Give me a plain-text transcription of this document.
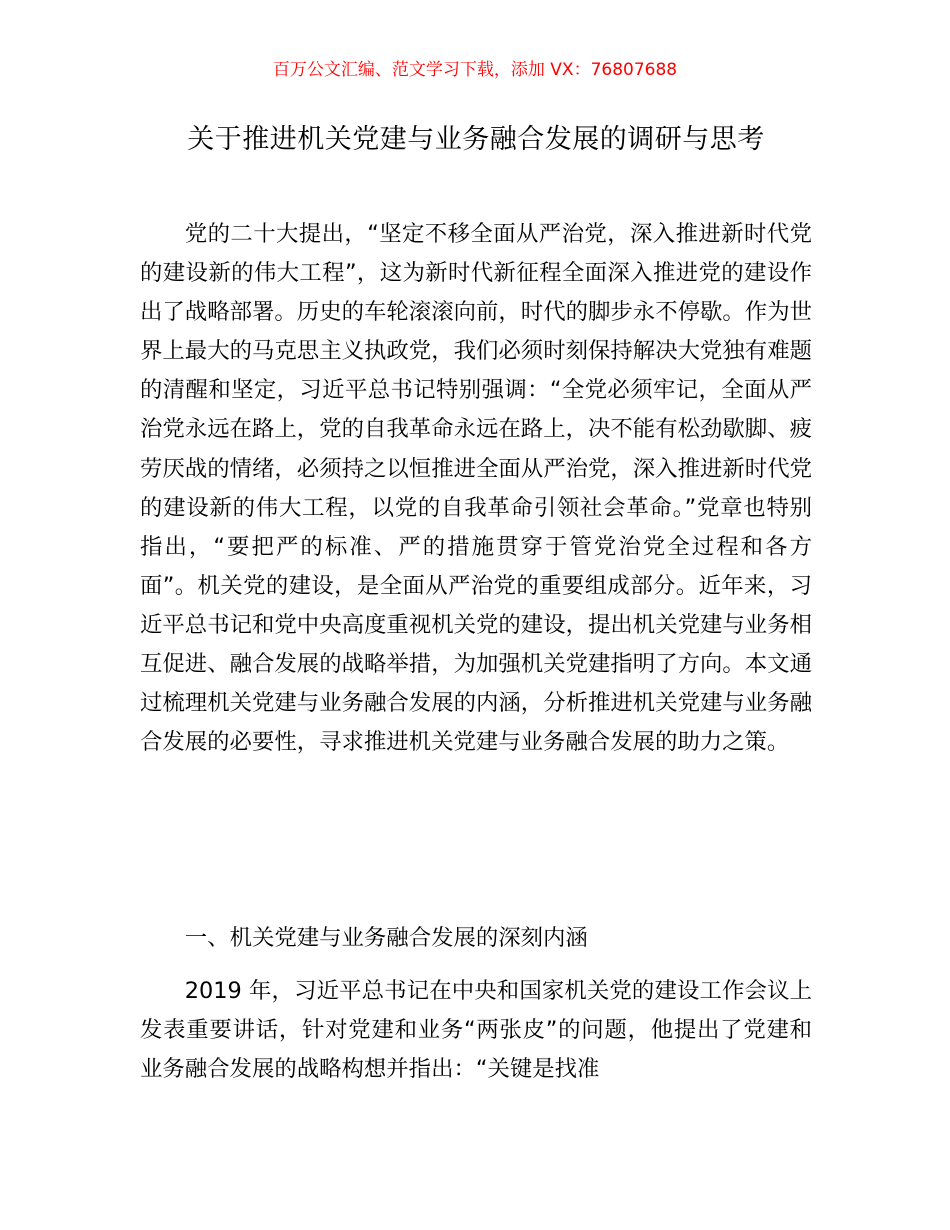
百万公文汇编、范文学习下载，添加 VX：76807688
关于推进机关党建与业务融合发展的调研与思考
党的二十大提出，“坚定不移全面从严治党，深入推进新时代党的建设新的伟大工程”，这为新时代新征程全面深入推进党的建设作出了战略部署。历史的车轮滚滚向前，时代的脚步永不停歇。作为世界上最大的马克思主义执政党，我们必须时刻保持解决大党独有难题的清醒和坚定，习近平总书记特别强调：“全党必须牢记，全面从严治党永远在路上，党的自我革命永远在路上，决不能有松劲歇脚、疲劳厌战的情绪，必须持之以恒推进全面从严治党，深入推进新时代党的建设新的伟大工程，以党的自我革命引领社会革命。”党章也特别指出，“要把严的标准、严的措施贯穿于管党治党全过程和各方面”。机关党的建设，是全面从严治党的重要组成部分。近年来，习近平总书记和党中央高度重视机关党的建设，提出机关党建与业务相互促进、融合发展的战略举措，为加强机关党建指明了方向。本文通过梳理机关党建与业务融合发展的内涵，分析推进机关党建与业务融合发展的必要性，寻求推进机关党建与业务融合发展的助力之策。
一、机关党建与业务融合发展的深刻内涵
2019 年，习近平总书记在中央和国家机关党的建设工作会议上发表重要讲话，针对党建和业务“两张皮”的问题，他提出了党建和业务融合发展的战略构想并指出：“关键是找准
